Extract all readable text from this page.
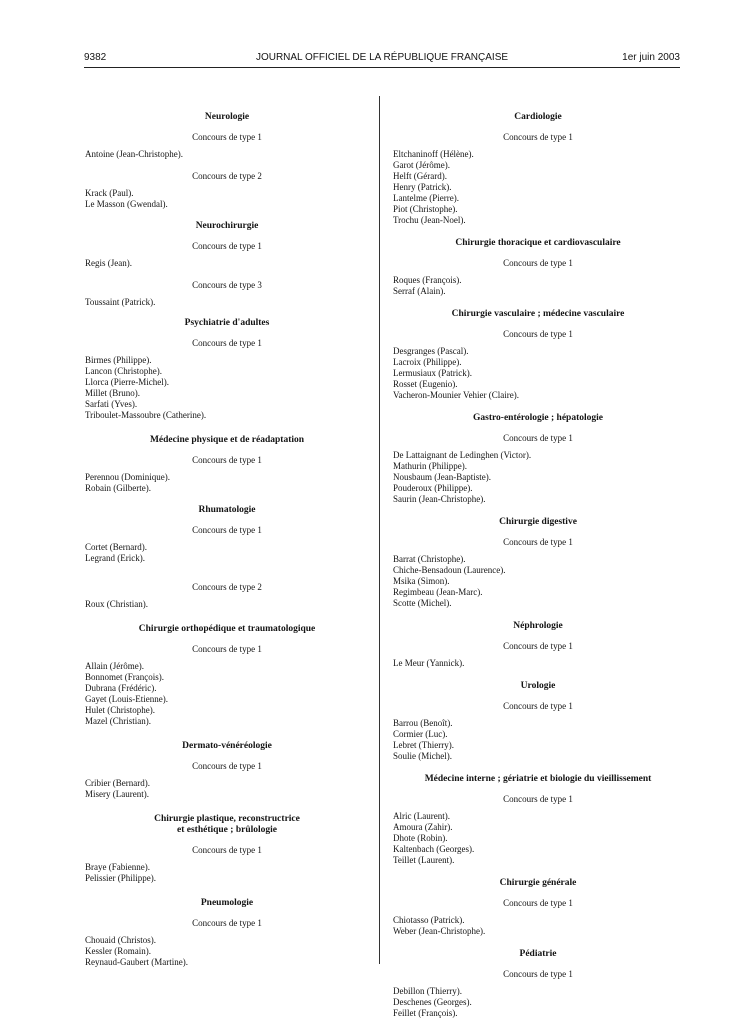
9382	JOURNAL OFFICIEL DE LA RÉPUBLIQUE FRANÇAISE	1er juin 2003
Neurologie
Concours de type 1
Antoine (Jean-Christophe).
Concours de type 2
Krack (Paul).
Le Masson (Gwendal).
Neurochirurgie
Concours de type 1
Regis (Jean).
Concours de type 3
Toussaint (Patrick).
Psychiatrie d'adultes
Concours de type 1
Birmes (Philippe).
Lancon (Christophe).
Llorca (Pierre-Michel).
Millet (Bruno).
Sarfati (Yves).
Triboulet-Massoubre (Catherine).
Médecine physique et de réadaptation
Concours de type 1
Perennou (Dominique).
Robain (Gilberte).
Rhumatologie
Concours de type 1
Cortet (Bernard).
Legrand (Erick).
Concours de type 2
Roux (Christian).
Chirurgie orthopédique et traumatologique
Concours de type 1
Allain (Jérôme).
Bonnomet (François).
Dubrana (Frédéric).
Gayet (Louis-Etienne).
Hulet (Christophe).
Mazel (Christian).
Dermato-vénéréologie
Concours de type 1
Cribier (Bernard).
Misery (Laurent).
Chirurgie plastique, reconstructrice
et esthétique ; brûlologie
Concours de type 1
Braye (Fabienne).
Pelissier (Philippe).
Pneumologie
Concours de type 1
Chouaid (Christos).
Kessler (Romain).
Reynaud-Gaubert (Martine).
Cardiologie
Concours de type 1
Eltchaninoff (Hélène).
Garot (Jérôme).
Helft (Gérard).
Henry (Patrick).
Lantelme (Pierre).
Piot (Christophe).
Trochu (Jean-Noel).
Chirurgie thoracique et cardiovasculaire
Concours de type 1
Roques (François).
Serraf (Alain).
Chirurgie vasculaire ; médecine vasculaire
Concours de type 1
Desgranges (Pascal).
Lacroix (Philippe).
Lermusiaux (Patrick).
Rosset (Eugenio).
Vacheron-Mounier Vehier (Claire).
Gastro-entérologie ; hépatologie
Concours de type 1
De Lattaignant de Ledinghen (Victor).
Mathurin (Philippe).
Nousbaum (Jean-Baptiste).
Pouderoux (Philippe).
Saurin (Jean-Christophe).
Chirurgie digestive
Concours de type 1
Barrat (Christophe).
Chiche-Bensadoun (Laurence).
Msika (Simon).
Regimbeau (Jean-Marc).
Scotte (Michel).
Néphrologie
Concours de type 1
Le Meur (Yannick).
Urologie
Concours de type 1
Barrou (Benoît).
Cormier (Luc).
Lebret (Thierry).
Soulie (Michel).
Médecine interne ; gériatrie et biologie du vieillissement
Concours de type 1
Alric (Laurent).
Amoura (Zahir).
Dhote (Robin).
Kaltenbach (Georges).
Teillet (Laurent).
Chirurgie générale
Concours de type 1
Chiotasso (Patrick).
Weber (Jean-Christophe).
Pédiatrie
Concours de type 1
Debillon (Thierry).
Deschenes (Georges).
Feillet (François).
